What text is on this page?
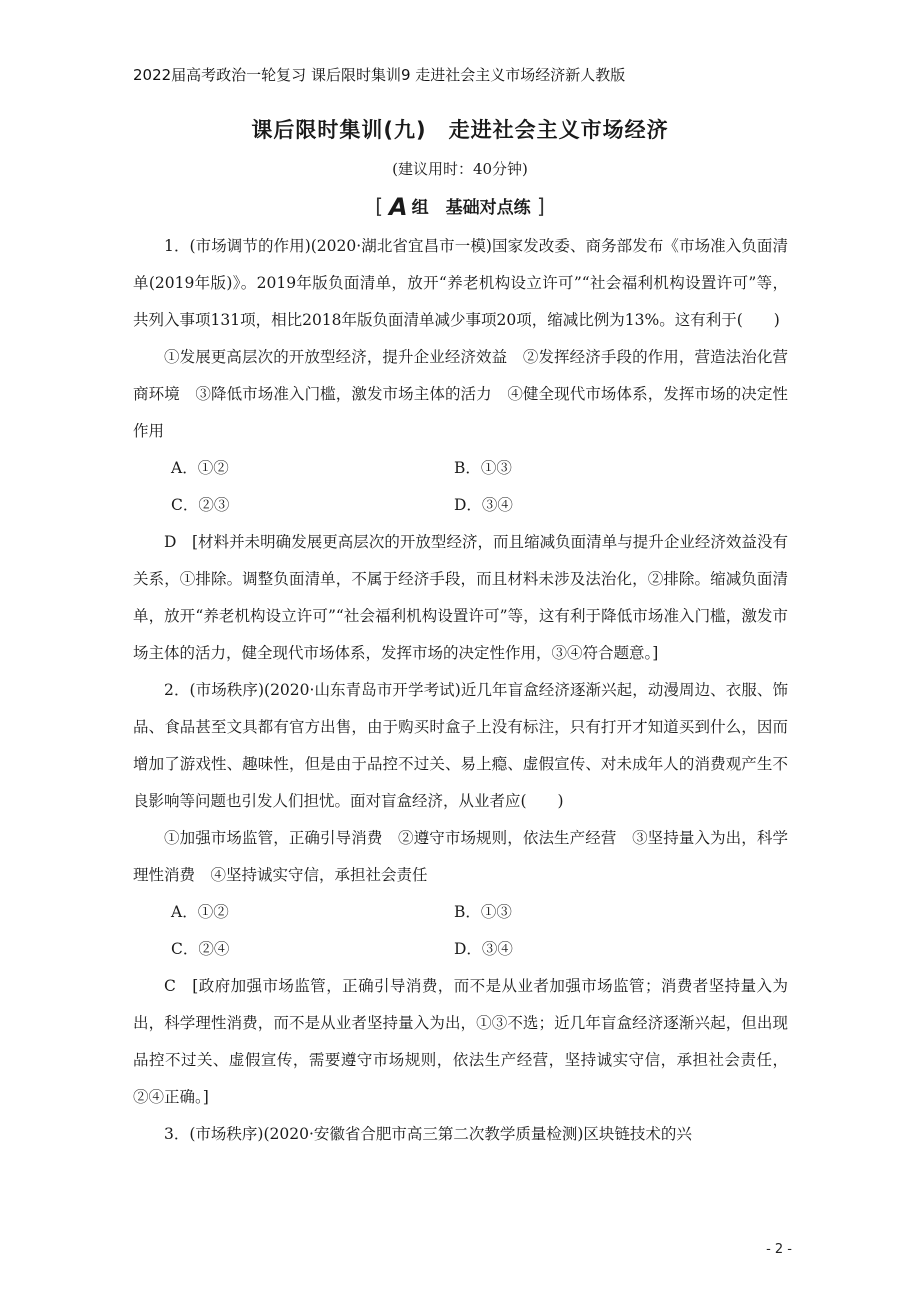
2022届高考政治一轮复习 课后限时集训9 走进社会主义市场经济新人教版
课后限时集训(九)　走进社会主义市场经济
(建议用时：40分钟)
[ A 组　基础对点练 ]

1．(市场调节的作用)(2020·湖北省宜昌市一模)国家发改委、商务部发布《市场准入负面清单(2019年版)》。2019年版负面清单，放开“养老机构设立许可”“社会福利机构设置许可”等，共列入事项131项，相比2018年版负面清单减少事项20项，缩减比例为13%。这有利于(　　)

①发展更高层次的开放型经济，提升企业经济效益　②发挥经济手段的作用，营造法治化营商环境　③降低市场准入门槛，激发市场主体的活力　④健全现代市场体系，发挥市场的决定性作用

A．①②	B．①③
C．②③	D．③④

D　[材料并未明确发展更高层次的开放型经济，而且缩减负面清单与提升企业经济效益没有关系，①排除。调整负面清单，不属于经济手段，而且材料未涉及法治化，②排除。缩减负面清单，放开“养老机构设立许可”“社会福利机构设置许可”等，这有利于降低市场准入门槛，激发市场主体的活力，健全现代市场体系，发挥市场的决定性作用，③④符合题意。]

2．(市场秩序)(2020·山东青岛市开学考试)近几年盲盒经济逐渐兴起，动漫周边、衣服、饰品、食品甚至文具都有官方出售，由于购买时盒子上没有标注，只有打开才知道买到什么，因而增加了游戏性、趣味性，但是由于品控不过关、易上瘾、虚假宣传、对未成年人的消费观产生不良影响等问题也引发人们担忧。面对盲盒经济，从业者应(　　)

①加强市场监管，正确引导消费　②遵守市场规则，依法生产经营　③坚持量入为出，科学理性消费　④坚持诚实守信，承担社会责任

A．①②	B．①③
C．②④	D．③④

C　[政府加强市场监管，正确引导消费，而不是从业者加强市场监管；消费者坚持量入为出，科学理性消费，而不是从业者坚持量入为出，①③不选；近几年盲盒经济逐渐兴起，但出现品控不过关、虚假宣传，需要遵守市场规则，依法生产经营，坚持诚实守信，承担社会责任，②④正确。]

3．(市场秩序)(2020·安徽省合肥市高三第二次教学质量检测)区块链技术的兴

- 2 -
